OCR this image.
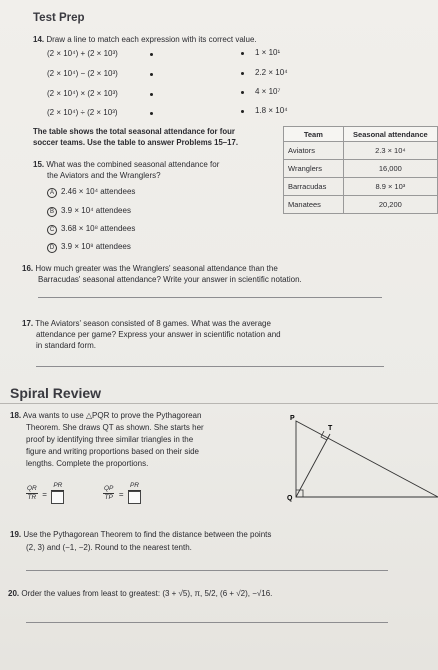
Test Prep
14. Draw a line to match each expression with its correct value.
(2 × 10⁴) + (2 × 10³)
(2 × 10⁴) − (2 × 10³)
(2 × 10⁴) × (2 × 10³)
(2 × 10⁴) ÷ (2 × 10³)
1 × 10¹
2.2 × 10⁴
4 × 10⁷
1.8 × 10⁴
The table shows the total seasonal attendance for four
soccer teams. Use the table to answer Problems 15–17.
Team	Seasonal attendance
Aviators	2.3 × 10⁴
Wranglers	16,000
Barracudas	8.9 × 10³
Manatees	20,200
15. What was the combined seasonal attendance for
the Aviators and the Wranglers?
A 2.46 × 10⁴ attendees
B 3.9 × 10⁴ attendees
C 3.68 × 10⁸ attendees
D 3.9 × 10⁸ attendees
16. How much greater was the Wranglers' seasonal attendance than the
Barracudas' seasonal attendance? Write your answer in scientific notation.
17. The Aviators' season consisted of 8 games. What was the average
attendance per game? Express your answer in scientific notation and
in standard form.
Spiral Review
18. Ava wants to use △PQR to prove the Pythagorean
Theorem. She draws QT as shown. She starts her
proof by identifying three similar triangles in the
figure and writing proportions based on their side
lengths. Complete the proportions.
$\frac{QR}{TR}$ =
PR	$\frac{QP}{TP}$ =
PR
P
T
Q
19. Use the Pythagorean Theorem to find the distance between the points
(2, 3) and (−1, −2). Round to the nearest tenth.
20. Order the values from least to greatest: (3 + √5), π, 5/2, (6 + √2), −√16.
